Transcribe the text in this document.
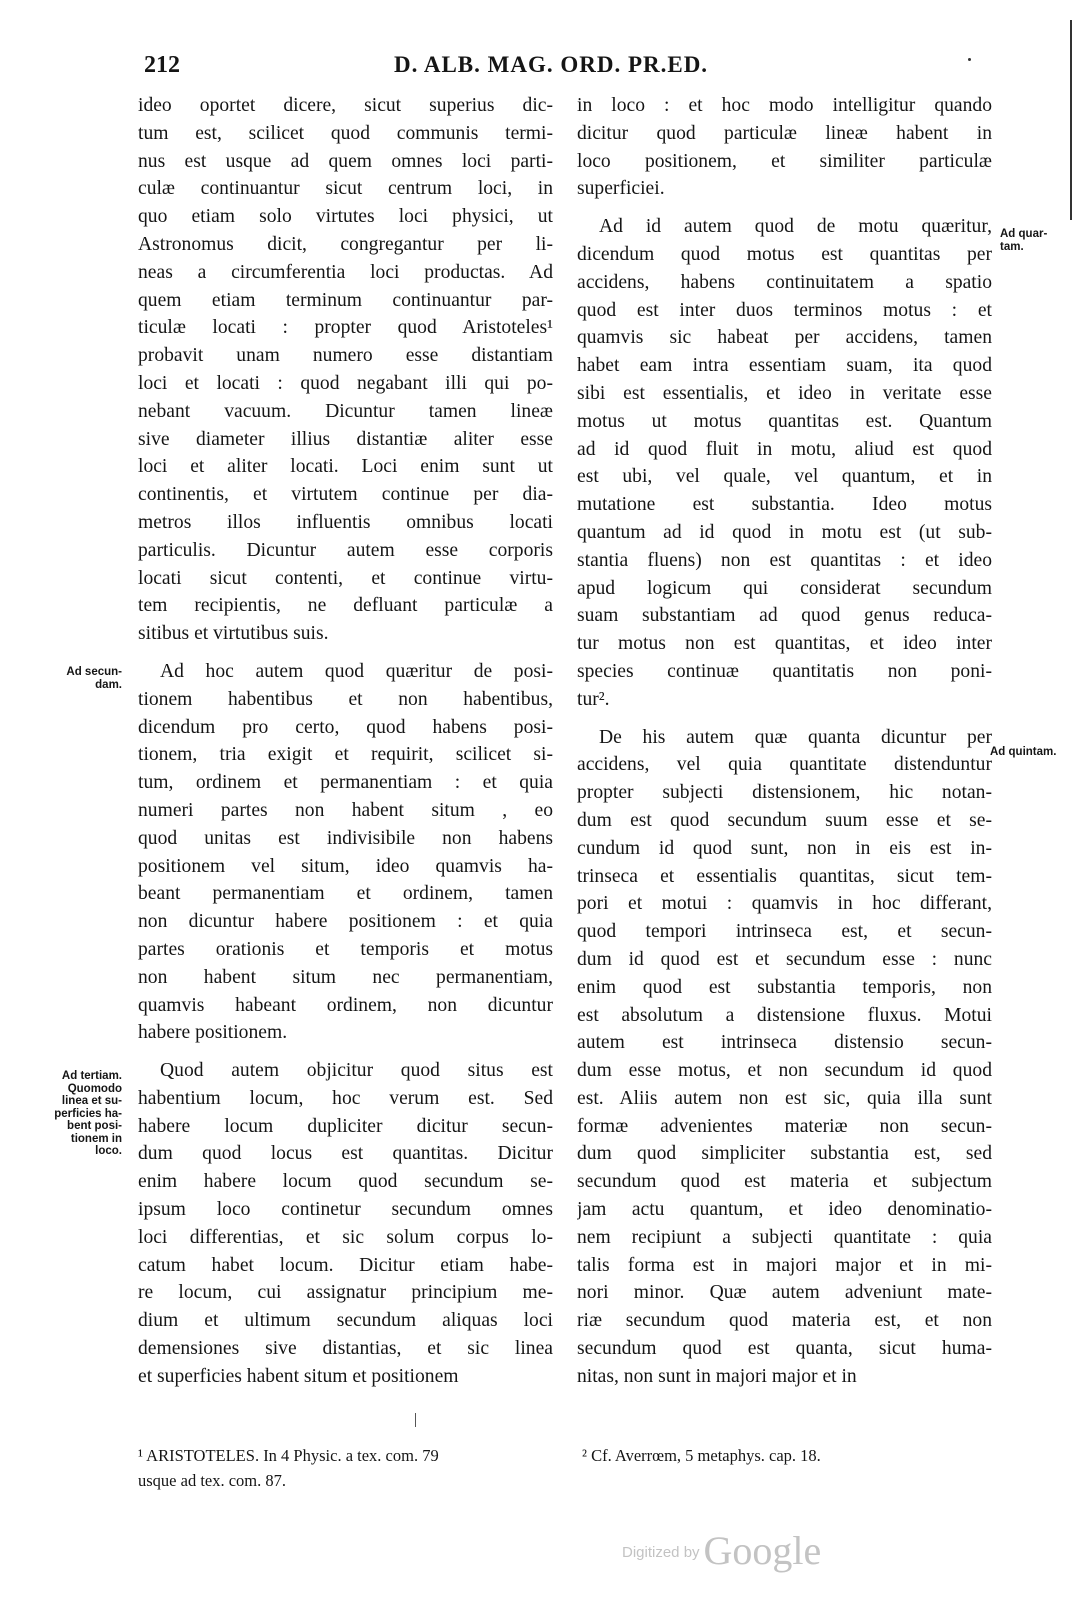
212	D. ALB. MAG. ORD. PR.ED.
ideo oportet dicere, sicut superius dic-
tum est, scilicet quod communis termi-
nus est usque ad quem omnes loci parti-
culæ continuantur sicut centrum loci, in
quo etiam solo virtutes loci physici, ut
Astronomus dicit, congregantur per li-
neas a circumferentia loci productas. Ad
quem etiam terminum continuantur par-
ticulæ locati : propter quod Aristoteles¹
probavit unam numero esse distantiam
loci et locati : quod negabant illi qui po-
nebant vacuum. Dicuntur tamen lineæ
sive diameter illius distantiæ aliter esse
loci et aliter locati. Loci enim sunt ut
continentis, et virtutem continue per dia-
metros illos influentis omnibus locati
particulis. Dicuntur autem esse corporis
locati sicut contenti, et continue virtu-
tem recipientis, ne defluant particulæ a
sitibus et virtutibus suis.
Ad hoc autem quod quæritur de posi-
tionem habentibus et non habentibus,
dicendum pro certo, quod habens posi-
tionem, tria exigit et requirit, scilicet si-
tum, ordinem et permanentiam : et quia
numeri partes non habent situm , eo
quod unitas est indivisibile non habens
positionem vel situm, ideo quamvis ha-
beant permanentiam et ordinem, tamen
non dicuntur habere positionem : et quia
partes orationis et temporis et motus
non habent situm nec permanentiam,
quamvis habeant ordinem, non dicuntur
habere positionem.
Quod autem objicitur quod situs est
habentium locum, hoc verum est. Sed
habere locum dupliciter dicitur secun-
dum quod locus est quantitas. Dicitur
enim habere locum quod secundum se-
ipsum loco continetur secundum omnes
loci differentias, et sic solum corpus lo-
catum habet locum. Dicitur etiam habe-
re locum, cui assignatur principium me-
dium et ultimum secundum aliquas loci
demensiones sive distantias, et sic linea
et superficies habent situm et positionem
in loco : et hoc modo intelligitur quando
dicitur quod particulæ lineæ habent in
loco positionem, et similiter particulæ
superficiei.
Ad id autem quod de motu quæritur,
dicendum quod motus est quantitas per
accidens, habens continuitatem a spatio
quod est inter duos terminos motus : et
quamvis sic habeat per accidens, tamen
habet eam intra essentiam suam, ita quod
sibi est essentialis, et ideo in veritate esse
motus ut motus quantitas est. Quantum
ad id quod fluit in motu, aliud est quod
est ubi, vel quale, vel quantum, et in
mutatione est substantia. Ideo motus
quantum ad id quod in motu est (ut sub-
stantia fluens) non est quantitas : et ideo
apud logicum qui considerat secundum
suam substantiam ad quod genus reduca-
tur motus non est quantitas, et ideo inter
species continuæ quantitatis non poni-
tur².
De his autem quæ quanta dicuntur per
accidens, vel quia quantitate distenduntur
propter subjecti distensionem, hic notan-
dum est quod secundum suum esse et se-
cundum id quod sunt, non in eis est in-
trinseca et essentialis quantitas, sicut tem-
pori et motui : quamvis in hoc differant,
quod tempori intrinseca est, et secun-
dum id quod est et secundum esse : nunc
enim quod est substantia temporis, non
est absolutum a distensione fluxus. Motui
autem est intrinseca distensio secun-
dum esse motus, et non secundum id quod
est. Aliis autem non est sic, quia illa sunt
formæ advenientes materiæ non secun-
dum quod simpliciter substantia est, sed
secundum quod est materia et subjectum
jam actu quantum, et ideo denominatio-
nem recipiunt a subjecti quantitate : quia
talis forma est in majori major et in mi-
nori minor. Quæ autem adveniunt mate-
riæ secundum quod materia est, et non
secundum quod est quanta, sicut huma-
nitas, non sunt in majori major et in
Ad secun-
dam.
Ad tertiam.
Quomodo
linea et su-
perficies ha-
bent posi-
tionem in
loco.
Ad quar-
tam.
Ad quintam.
¹ ARISTOTELES. In 4 Physic. a tex. com. 79
usque ad tex. com. 87.
² Cf. Averrœm, 5 metaphys. cap. 18.
Digitized by Google
